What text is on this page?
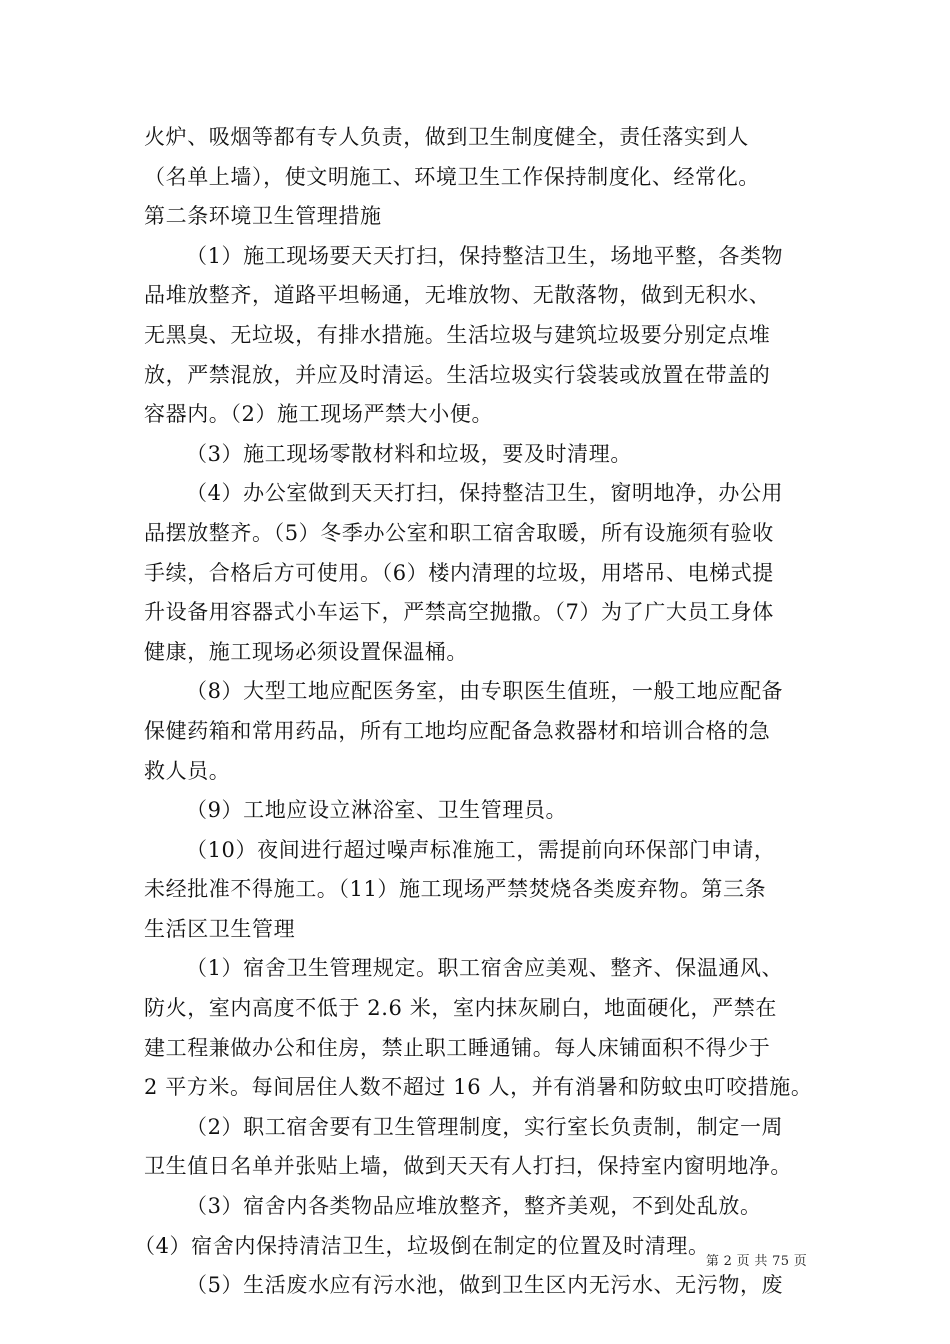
火炉、吸烟等都有专人负责，做到卫生制度健全，责任落实到人
（名单上墙），使文明施工、环境卫生工作保持制度化、经常化。
第二条环境卫生管理措施
（1）施工现场要天天打扫，保持整洁卫生，场地平整，各类物
品堆放整齐，道路平坦畅通，无堆放物、无散落物，做到无积水、
无黑臭、无垃圾，有排水措施。生活垃圾与建筑垃圾要分别定点堆
放，严禁混放，并应及时清运。生活垃圾实行袋装或放置在带盖的
容器内。（2）施工现场严禁大小便。
（3）施工现场零散材料和垃圾，要及时清理。
（4）办公室做到天天打扫，保持整洁卫生，窗明地净，办公用
品摆放整齐。（5）冬季办公室和职工宿舍取暖，所有设施须有验收
手续，合格后方可使用。（6）楼内清理的垃圾，用塔吊、电梯式提
升设备用容器式小车运下，严禁高空抛撒。（7）为了广大员工身体
健康，施工现场必须设置保温桶。
（8）大型工地应配医务室，由专职医生值班，一般工地应配备
保健药箱和常用药品，所有工地均应配备急救器材和培训合格的急
救人员。
（9）工地应设立淋浴室、卫生管理员。
（10）夜间进行超过噪声标准施工，需提前向环保部门申请，
未经批准不得施工。（11）施工现场严禁焚烧各类废弃物。第三条
生活区卫生管理
（1）宿舍卫生管理规定。职工宿舍应美观、整齐、保温通风、
防火，室内高度不低于 2.6 米，室内抹灰刷白，地面硬化，严禁在
建工程兼做办公和住房，禁止职工睡通铺。每人床铺面积不得少于
2 平方米。每间居住人数不超过 16 人，并有消暑和防蚊虫叮咬措施。
（2）职工宿舍要有卫生管理制度，实行室长负责制，制定一周
卫生值日名单并张贴上墙，做到天天有人打扫，保持室内窗明地净。
（3）宿舍内各类物品应堆放整齐，整齐美观，不到处乱放。
（4）宿舍内保持清洁卫生，垃圾倒在制定的位置及时清理。
（5）生活废水应有污水池，做到卫生区内无污水、无污物，废
第 2 页 共 75 页
